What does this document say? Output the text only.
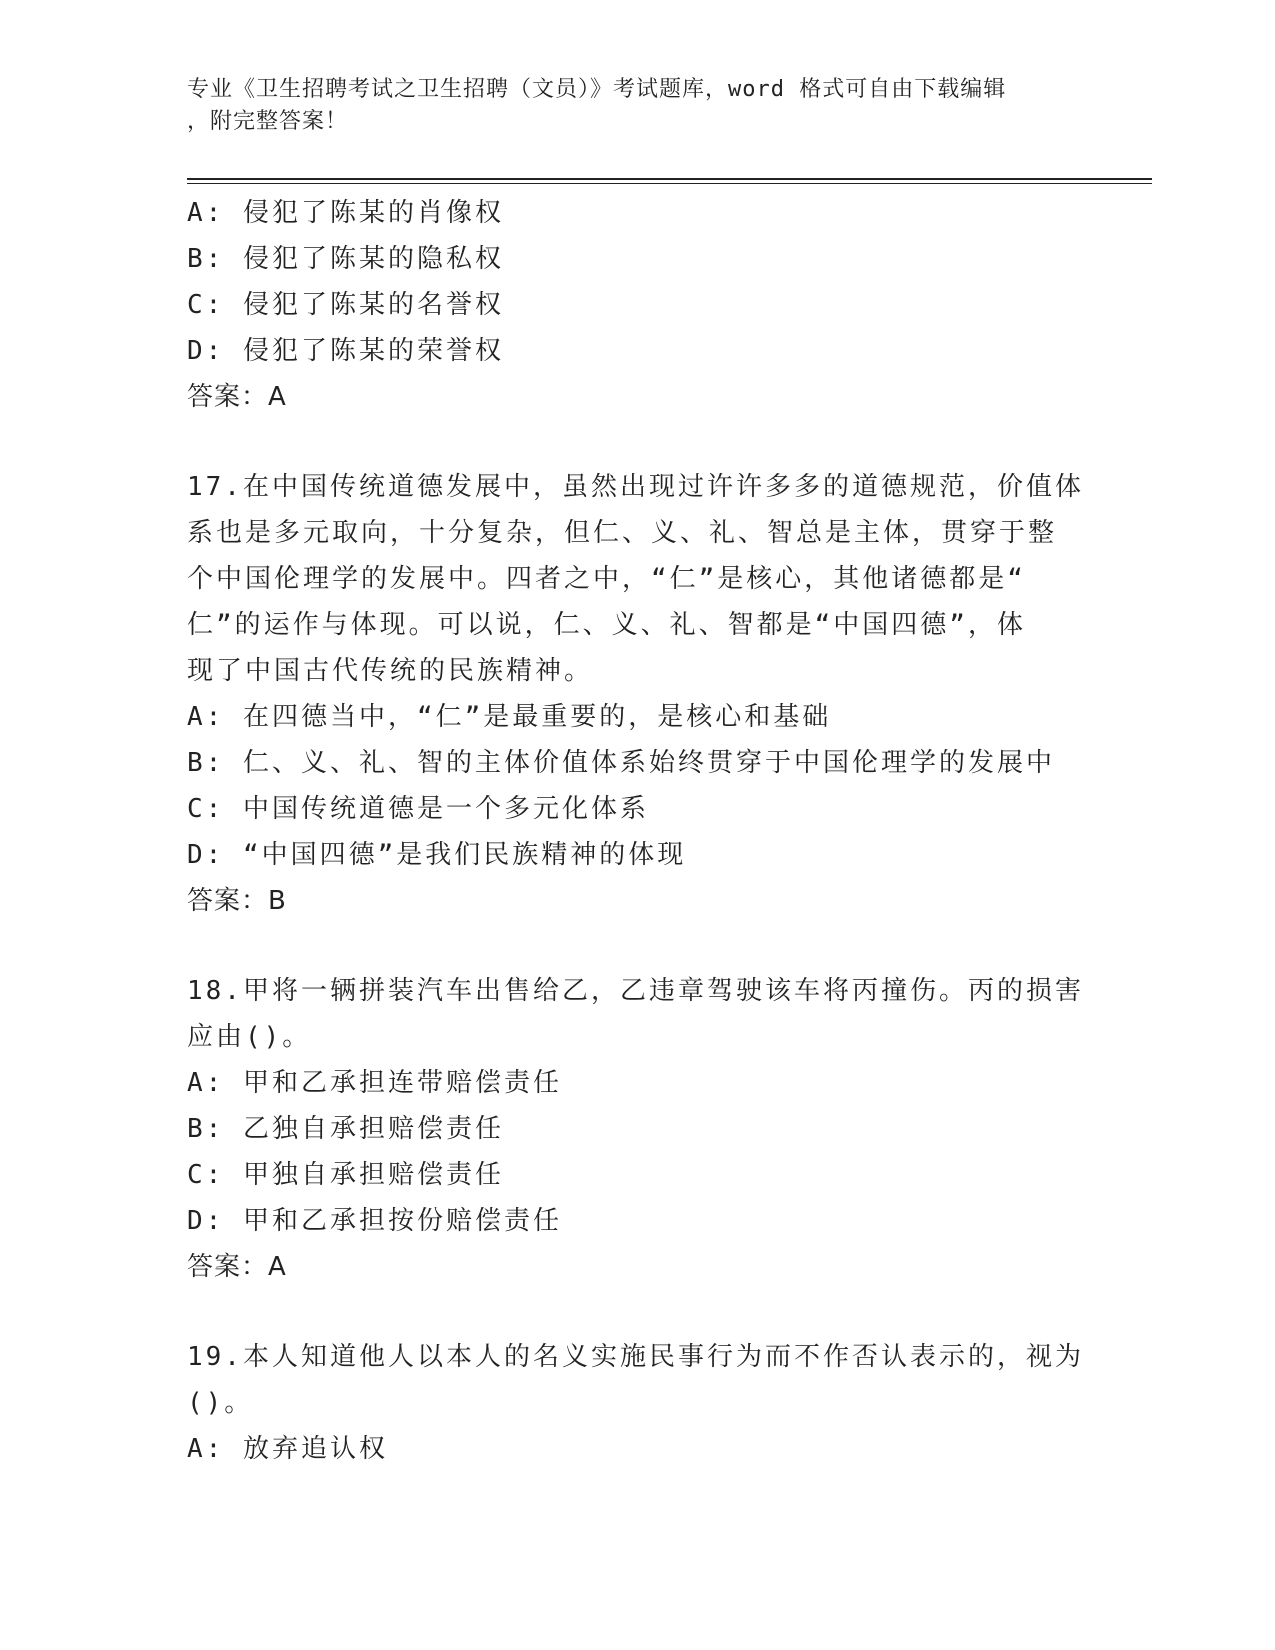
专业《卫生招聘考试之卫生招聘（文员）》考试题库，word 格式可自由下载编辑
，附完整答案！
A: 侵犯了陈某的肖像权
B: 侵犯了陈某的隐私权
C: 侵犯了陈某的名誉权
D: 侵犯了陈某的荣誉权
答案：A
17.在中国传统道德发展中，虽然出现过许许多多的道德规范，价值体
系也是多元取向，十分复杂，但仁、义、礼、智总是主体，贯穿于整
个中国伦理学的发展中。四者之中，“仁”是核心，其他诸德都是“
仁”的运作与体现。可以说，仁、义、礼、智都是“中国四德”，体
现了中国古代传统的民族精神。
A: 在四德当中，“仁”是最重要的，是核心和基础
B: 仁、义、礼、智的主体价值体系始终贯穿于中国伦理学的发展中
C: 中国传统道德是一个多元化体系
D: “中国四德”是我们民族精神的体现
答案：B
18.甲将一辆拼装汽车出售给乙，乙违章驾驶该车将丙撞伤。丙的损害
应由()。
A: 甲和乙承担连带赔偿责任
B: 乙独自承担赔偿责任
C: 甲独自承担赔偿责任
D: 甲和乙承担按份赔偿责任
答案：A
19.本人知道他人以本人的名义实施民事行为而不作否认表示的，视为
()。
A: 放弃追认权
